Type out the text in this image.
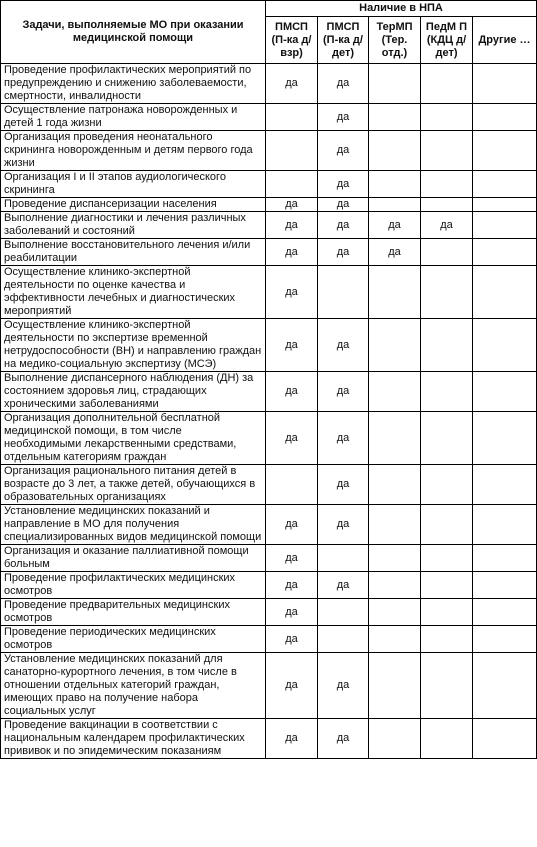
Задачи, выполняемые МО при оказании медицинской помощи	Наличие в НПА				
	ПМСП (П-ка д/взр)	ПМСП (П-ка д/дет)	ТерМП (Тер. отд.)	ПедМ П (КДЦ д/дет)	Другие …
Проведение профилактических мероприятий по предупреждению и снижению заболеваемости, смертности, инвалидности	да	да			
Осуществление патронажа новорожденных и детей 1 года жизни		да			
Организация проведения неонатального скрининга новорожденным и детям первого года жизни		да			
Организация I и II этапов аудиологического скрининга		да			
Проведение диспансеризации населения	да	да			
Выполнение диагностики и лечения различных заболеваний и состояний	да	да	да	да	
Выполнение восстановительного лечения и/или реабилитации	да	да	да		
Осуществление клинико-экспертной деятельности по оценке качества и эффективности лечебных и диагностических мероприятий	да				
Осуществление клинико-экспертной деятельности по экспертизе временной нетрудоспособности (ВН) и направлению граждан на медико-социальную экспертизу (МСЭ)	да	да			
Выполнение диспансерного наблюдения (ДН) за состоянием здоровья лиц, страдающих хроническими заболеваниями	да	да			
Организация дополнительной бесплатной медицинской помощи, в том числе необходимыми лекарственными средствами, отдельным категориям граждан	да	да			
Организация рационального питания детей в возрасте до 3 лет, а также детей, обучающихся в образовательных организациях		да			
Установление медицинских показаний и направление в МО для получения специализированных видов медицинской помощи	да	да			
Организация и оказание паллиативной помощи больным	да				
Проведение профилактических медицинских осмотров	да	да			
Проведение предварительных медицинских осмотров	да				
Проведение периодических медицинских осмотров	да				
Установление медицинских показаний для санаторно-курортного лечения, в том числе в отношении отдельных категорий граждан, имеющих право на получение набора социальных услуг	да	да			
Проведение вакцинации в соответствии с национальным календарем профилактических прививок и по эпидемическим показаниям	да	да			
